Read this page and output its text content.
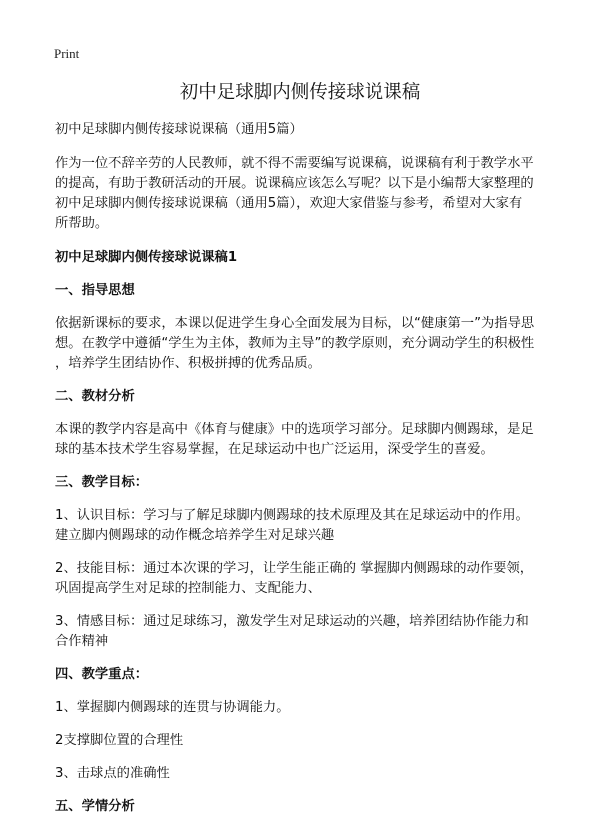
Print
初中足球脚内侧传接球说课稿

初中足球脚内侧传接球说课稿（通用5篇）

作为一位不辞辛劳的人民教师，就不得不需要编写说课稿，说课稿有利于教学水平

的提高，有助于教研活动的开展。说课稿应该怎么写呢？以下是小编帮大家整理的

初中足球脚内侧传接球说课稿（通用5篇），欢迎大家借鉴与参考，希望对大家有

所帮助。

初中足球脚内侧传接球说课稿1

一、指导思想

依据新课标的要求，本课以促进学生身心全面发展为目标，以“健康第一”为指导思

想。在教学中遵循“学生为主体，教师为主导”的教学原则，充分调动学生的积极性

，培养学生团结协作、积极拼搏的优秀品质。

二、教材分析

本课的教学内容是高中《体育与健康》中的选项学习部分。足球脚内侧踢球，是足

球的基本技术学生容易掌握，在足球运动中也广泛运用，深受学生的喜爱。

三、教学目标：

1、认识目标：学习与了解足球脚内侧踢球的技术原理及其在足球运动中的作用。

建立脚内侧踢球的动作概念培养学生对足球兴趣

2、技能目标：通过本次课的学习，让学生能正确的 掌握脚内侧踢球的动作要领，

巩固提高学生对足球的控制能力、支配能力、

3、情感目标：通过足球练习，激发学生对足球运动的兴趣，培养团结协作能力和

合作精神

四、教学重点：

1、掌握脚内侧踢球的连贯与协调能力。

2支撑脚位置的合理性

3、击球点的准确性

五、学情分析
